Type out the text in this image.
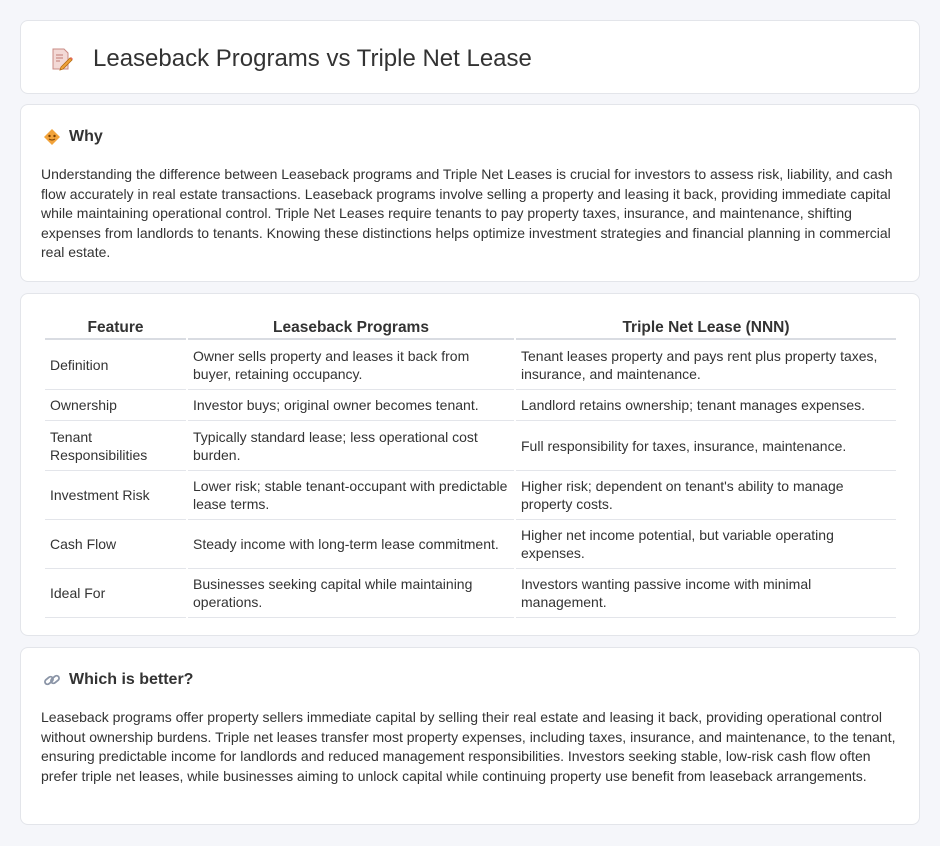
Leaseback Programs vs Triple Net Lease
Why

Understanding the difference between Leaseback programs and Triple Net Leases is crucial for investors to assess risk, liability, and cash flow accurately in real estate transactions. Leaseback programs involve selling a property and leasing it back, providing immediate capital while maintaining operational control. Triple Net Leases require tenants to pay property taxes, insurance, and maintenance, shifting expenses from landlords to tenants. Knowing these distinctions helps optimize investment strategies and financial planning in commercial real estate.

Feature	Leaseback Programs	Triple Net Lease (NNN)
Definition	Owner sells property and leases it back from buyer, retaining occupancy.	Tenant leases property and pays rent plus property taxes, insurance, and maintenance.
Ownership	Investor buys; original owner becomes tenant.	Landlord retains ownership; tenant manages expenses.
Tenant Responsibilities	Typically standard lease; less operational cost burden.	Full responsibility for taxes, insurance, maintenance.
Investment Risk	Lower risk; stable tenant-occupant with predictable lease terms.	Higher risk; dependent on tenant's ability to manage property costs.
Cash Flow	Steady income with long-term lease commitment.	Higher net income potential, but variable operating expenses.
Ideal For	Businesses seeking capital while maintaining operations.	Investors wanting passive income with minimal management.
Which is better?

Leaseback programs offer property sellers immediate capital by selling their real estate and leasing it back, providing operational control without ownership burdens. Triple net leases transfer most property expenses, including taxes, insurance, and maintenance, to the tenant, ensuring predictable income for landlords and reduced management responsibilities. Investors seeking stable, low-risk cash flow often prefer triple net leases, while businesses aiming to unlock capital while continuing property use benefit from leaseback arrangements.
